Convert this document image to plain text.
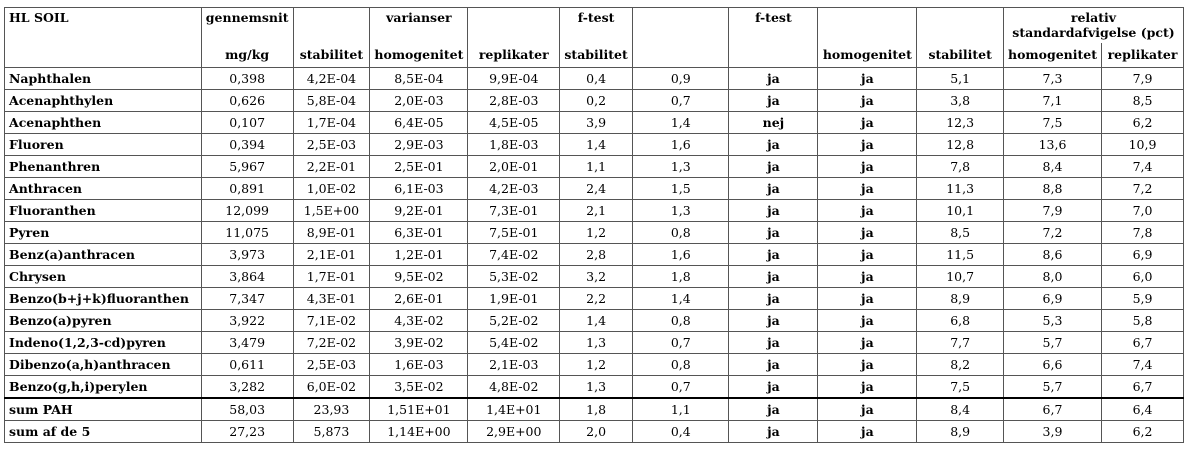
HL SOIL	gennemsnit		varianser		f-test		f-test			relativ standardafvigelse (pct)	
	mg/kg	stabilitet	homogenitet	replikater	stabilitet			homogenitet	stabilitet	homogenitet	replikater
Naphthalen	0,398	4,2E-04	8,5E-04	9,9E-04	0,4	0,9	ja	ja	5,1	7,3	7,9
Acenaphthylen	0,626	5,8E-04	2,0E-03	2,8E-03	0,2	0,7	ja	ja	3,8	7,1	8,5
Acenaphthen	0,107	1,7E-04	6,4E-05	4,5E-05	3,9	1,4	nej	ja	12,3	7,5	6,2
Fluoren	0,394	2,5E-03	2,9E-03	1,8E-03	1,4	1,6	ja	ja	12,8	13,6	10,9
Phenanthren	5,967	2,2E-01	2,5E-01	2,0E-01	1,1	1,3	ja	ja	7,8	8,4	7,4
Anthracen	0,891	1,0E-02	6,1E-03	4,2E-03	2,4	1,5	ja	ja	11,3	8,8	7,2
Fluoranthen	12,099	1,5E+00	9,2E-01	7,3E-01	2,1	1,3	ja	ja	10,1	7,9	7,0
Pyren	11,075	8,9E-01	6,3E-01	7,5E-01	1,2	0,8	ja	ja	8,5	7,2	7,8
Benz(a)anthracen	3,973	2,1E-01	1,2E-01	7,4E-02	2,8	1,6	ja	ja	11,5	8,6	6,9
Chrysen	3,864	1,7E-01	9,5E-02	5,3E-02	3,2	1,8	ja	ja	10,7	8,0	6,0
Benzo(b+j+k)fluoranthen	7,347	4,3E-01	2,6E-01	1,9E-01	2,2	1,4	ja	ja	8,9	6,9	5,9
Benzo(a)pyren	3,922	7,1E-02	4,3E-02	5,2E-02	1,4	0,8	ja	ja	6,8	5,3	5,8
Indeno(1,2,3-cd)pyren	3,479	7,2E-02	3,9E-02	5,4E-02	1,3	0,7	ja	ja	7,7	5,7	6,7
Dibenzo(a,h)anthracen	0,611	2,5E-03	1,6E-03	2,1E-03	1,2	0,8	ja	ja	8,2	6,6	7,4
Benzo(g,h,i)perylen	3,282	6,0E-02	3,5E-02	4,8E-02	1,3	0,7	ja	ja	7,5	5,7	6,7
sum PAH	58,03	23,93	1,51E+01	1,4E+01	1,8	1,1	ja	ja	8,4	6,7	6,4
sum af de 5	27,23	5,873	1,14E+00	2,9E+00	2,0	0,4	ja	ja	8,9	3,9	6,2
